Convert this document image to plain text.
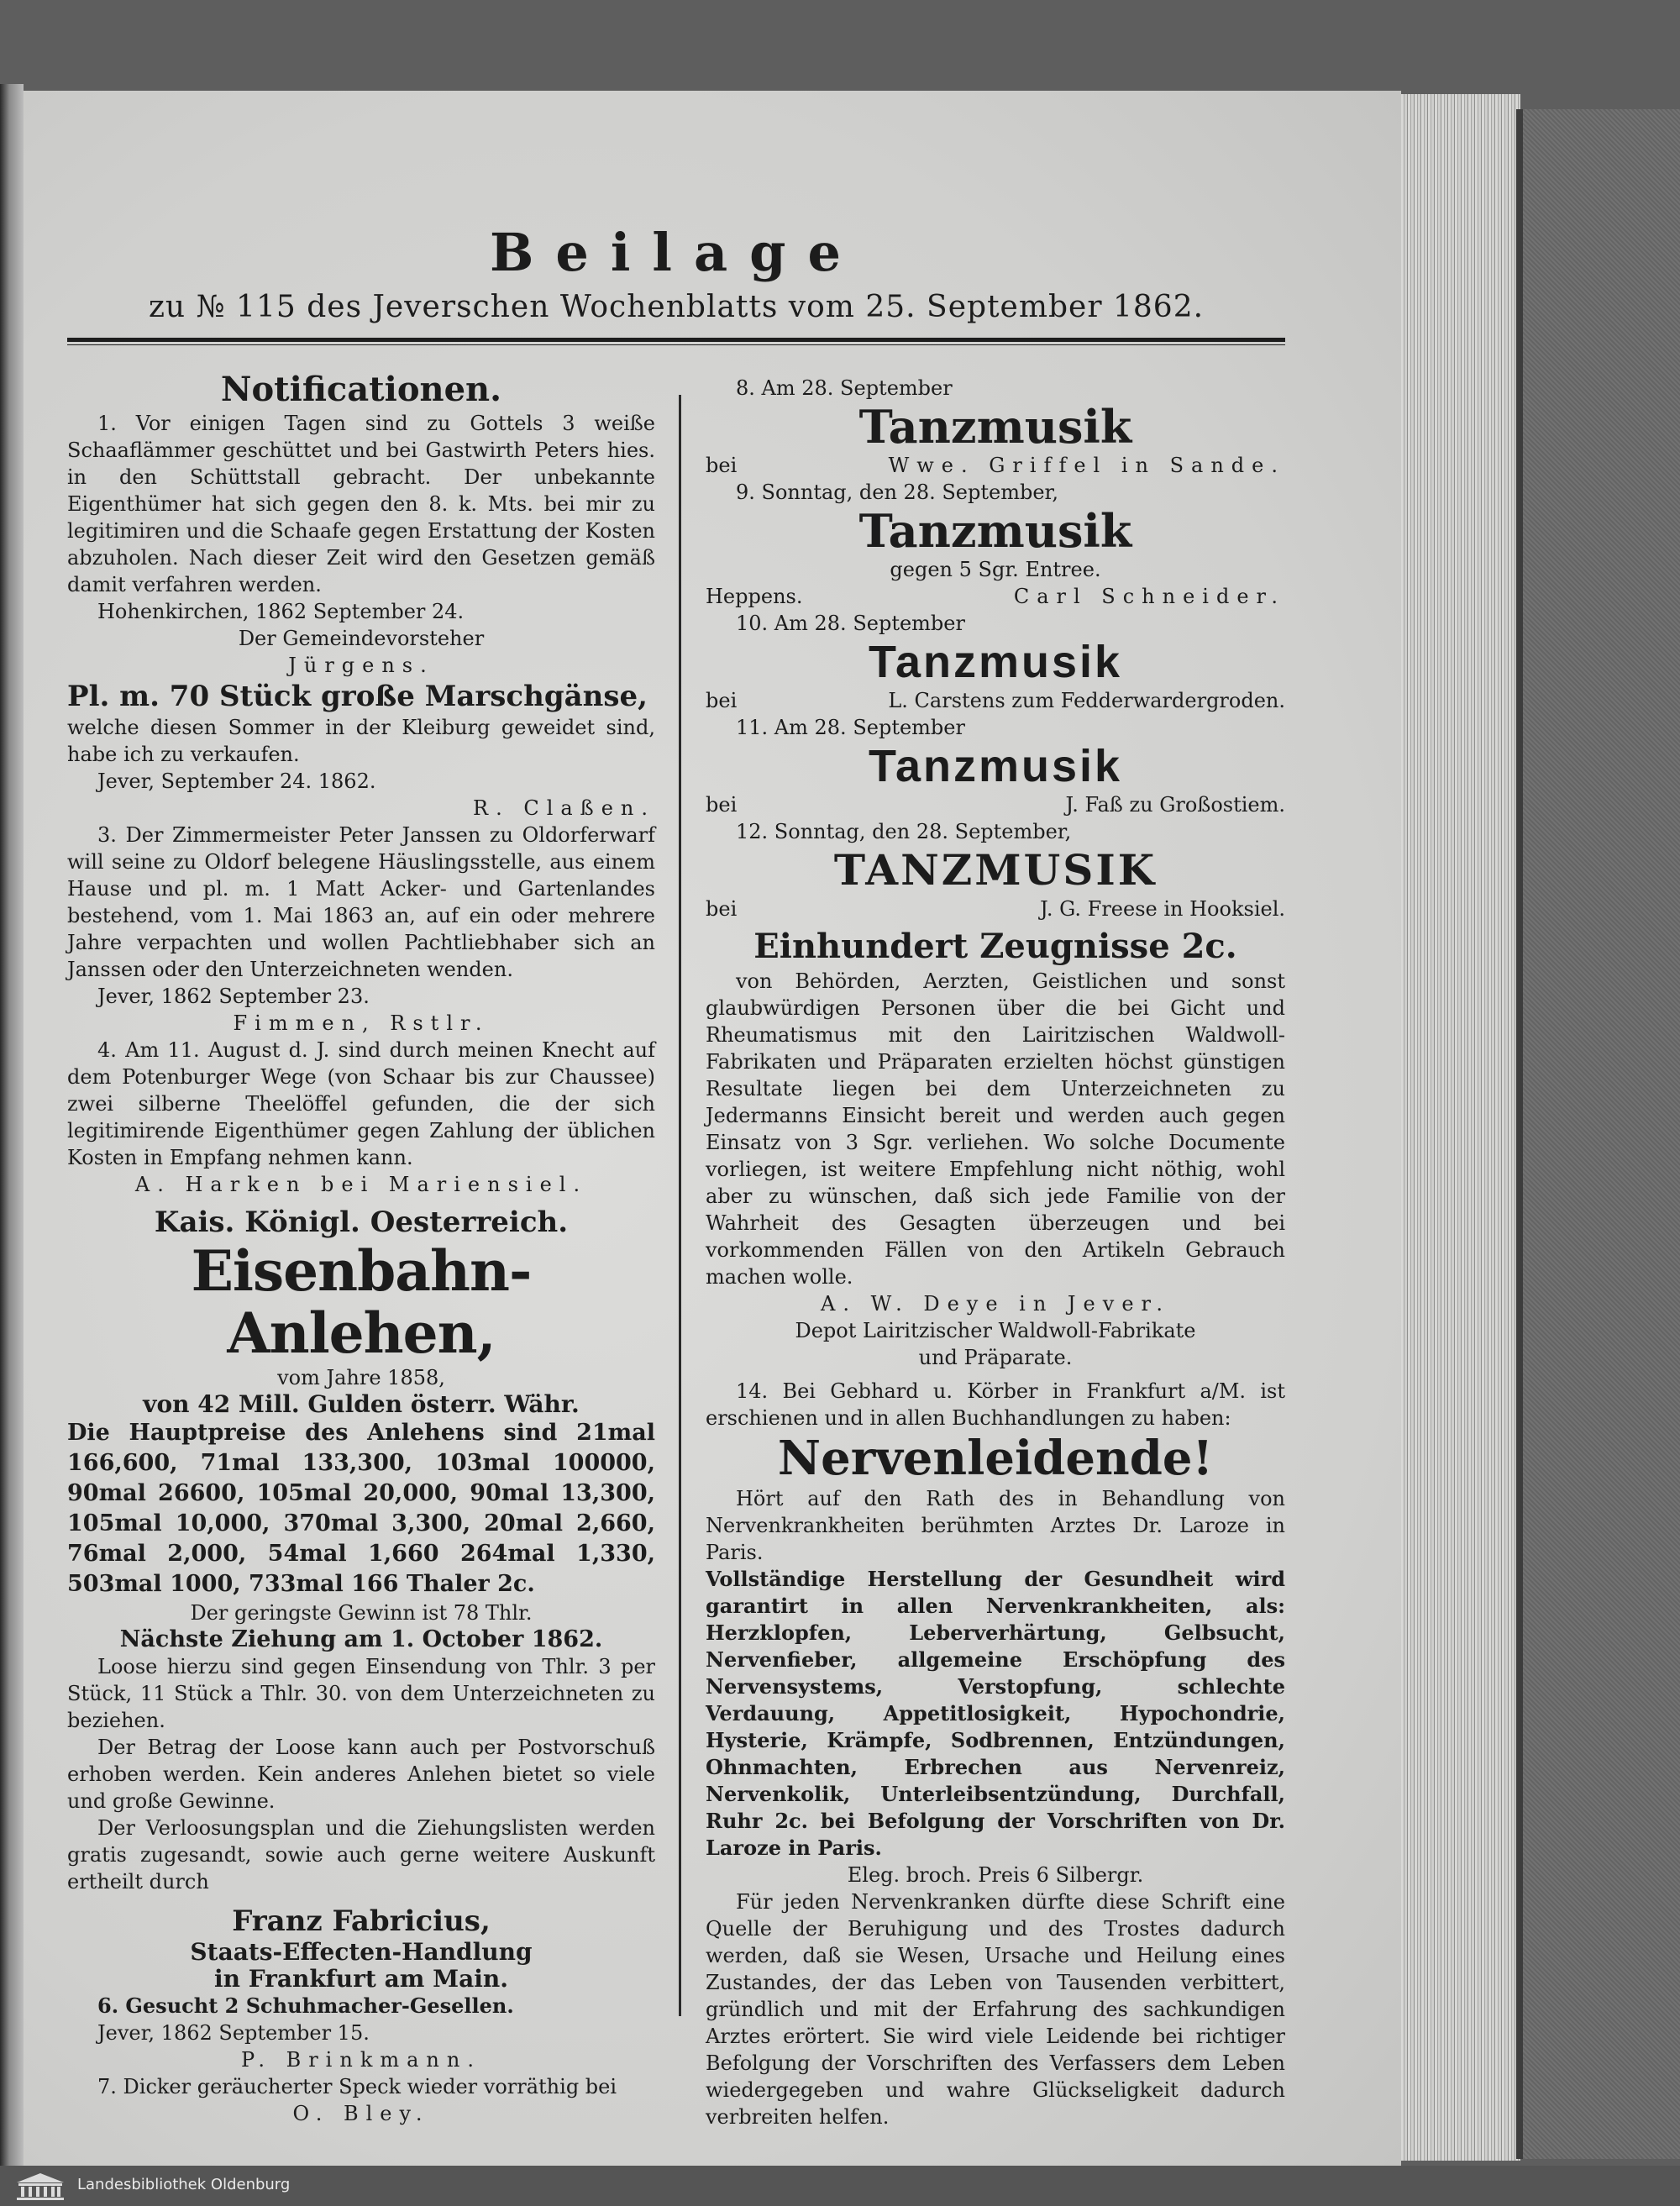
Beilage
zu № 115 des Jeverschen Wochenblatts vom 25. September 1862.
Notificationen.

1. Vor einigen Tagen sind zu Gottels 3 weiße Schaaflämmer geschüttet und bei Gastwirth Peters hies. in den Schüttstall gebracht. Der unbekannte Eigenthümer hat sich gegen den 8. k. Mts. bei mir zu legitimiren und die Schaafe gegen Erstattung der Kosten abzuholen. Nach dieser Zeit wird den Gesetzen gemäß damit verfahren werden.

Hohenkirchen, 1862 September 24.

Der Gemeindevorsteher

Jürgens.

Pl. m. 70 Stück große Marschgänse,

welche diesen Sommer in der Kleiburg geweidet sind, habe ich zu verkaufen.

Jever, September 24. 1862.

R. Claßen.

3. Der Zimmermeister Peter Janssen zu Oldorferwarf will seine zu Oldorf belegene Häuslingsstelle, aus einem Hause und pl. m. 1 Matt Acker- und Gartenlandes bestehend, vom 1. Mai 1863 an, auf ein oder mehrere Jahre verpachten und wollen Pachtliebhaber sich an Janssen oder den Unterzeichneten wenden.

Jever, 1862 September 23.

Fimmen, Rstlr.

4. Am 11. August d. J. sind durch meinen Knecht auf dem Potenburger Wege (von Schaar bis zur Chaussee) zwei silberne Theelöffel gefunden, die der sich legitimirende Eigenthümer gegen Zahlung der üblichen Kosten in Empfang nehmen kann.

A. Harken bei Mariensiel.

Kais. Königl. Oesterreich.
Eisenbahn-Anlehen,

vom Jahre 1858,

von 42 Mill. Gulden österr. Währ.

Die Hauptpreise des Anlehens sind 21mal 166,600, 71mal 133,300, 103mal 100000, 90mal 26600, 105mal 20,000, 90mal 13,300, 105mal 10,000, 370mal 3,300, 20mal 2,660, 76mal 2,000, 54mal 1,660 264mal 1,330, 503mal 1000, 733mal 166 Thaler 2c.

Der geringste Gewinn ist 78 Thlr.

Nächste Ziehung am 1. October 1862.

Loose hierzu sind gegen Einsendung von Thlr. 3 per Stück, 11 Stück a Thlr. 30. von dem Unterzeichneten zu beziehen.

Der Betrag der Loose kann auch per Postvorschuß erhoben werden. Kein anderes Anlehen bietet so viele und große Gewinne.

Der Verloosungsplan und die Ziehungslisten werden gratis zugesandt, sowie auch gerne weitere Auskunft ertheilt durch

Franz Fabricius,

Staats-Effecten-Handlung

in Frankfurt am Main.

6. Gesucht 2 Schuhmacher-Gesellen.

Jever, 1862 September 15.

P. Brinkmann.

7. Dicker geräucherter Speck wieder vorräthig bei

O. Bley.

8. Am 28. September

Tanzmusik
bei	Wwe. Griffel in Sande.

9. Sonntag, den 28. September,

Tanzmusik

gegen 5 Sgr. Entree.

Heppens.	Carl Schneider.

10. Am 28. September

Tanzmusik
bei	L. Carstens zum Fedderwardergroden.

11. Am 28. September

Tanzmusik
bei	J. Faß zu Großostiem.

12. Sonntag, den 28. September,

TANZMUSIK
bei	J. G. Freese in Hooksiel.
Einhundert Zeugnisse 2c.

von Behörden, Aerzten, Geistlichen und sonst glaubwürdigen Personen über die bei Gicht und Rheumatismus mit den Lairitzischen Waldwoll-Fabrikaten und Präparaten erzielten höchst günstigen Resultate liegen bei dem Unterzeichneten zu Jedermanns Einsicht bereit und werden auch gegen Einsatz von 3 Sgr. verliehen. Wo solche Documente vorliegen, ist weitere Empfehlung nicht nöthig, wohl aber zu wünschen, daß sich jede Familie von der Wahrheit des Gesagten überzeugen und bei vorkommenden Fällen von den Artikeln Gebrauch machen wolle.

A. W. Deye in Jever.

Depot Lairitzischer Waldwoll-Fabrikate

und Präparate.

14. Bei Gebhard u. Körber in Frankfurt a/M. ist erschienen und in allen Buchhandlungen zu haben:

Nervenleidende!

Hört auf den Rath des in Behandlung von Nervenkrankheiten berühmten Arztes Dr. Laroze in Paris.

Vollständige Herstellung der Gesundheit wird garantirt in allen Nervenkrankheiten, als: Herzklopfen, Leberverhärtung, Gelbsucht, Nervenfieber, allgemeine Erschöpfung des Nervensystems, Verstopfung, schlechte Verdauung, Appetitlosigkeit, Hypochondrie, Hysterie, Krämpfe, Sodbrennen, Entzündungen, Ohnmachten, Erbrechen aus Nervenreiz, Nervenkolik, Unterleibsentzündung, Durchfall, Ruhr 2c. bei Befolgung der Vorschriften von Dr. Laroze in Paris.

Eleg. broch. Preis 6 Silbergr.

Für jeden Nervenkranken dürfte diese Schrift eine Quelle der Beruhigung und des Trostes dadurch werden, daß sie Wesen, Ursache und Heilung eines Zustandes, der das Leben von Tausenden verbittert, gründlich und mit der Erfahrung des sachkundigen Arztes erörtert. Sie wird viele Leidende bei richtiger Befolgung der Vorschriften des Verfassers dem Leben wiedergegeben und wahre Glückseligkeit dadurch verbreiten helfen.

Landesbibliothek Oldenburg
